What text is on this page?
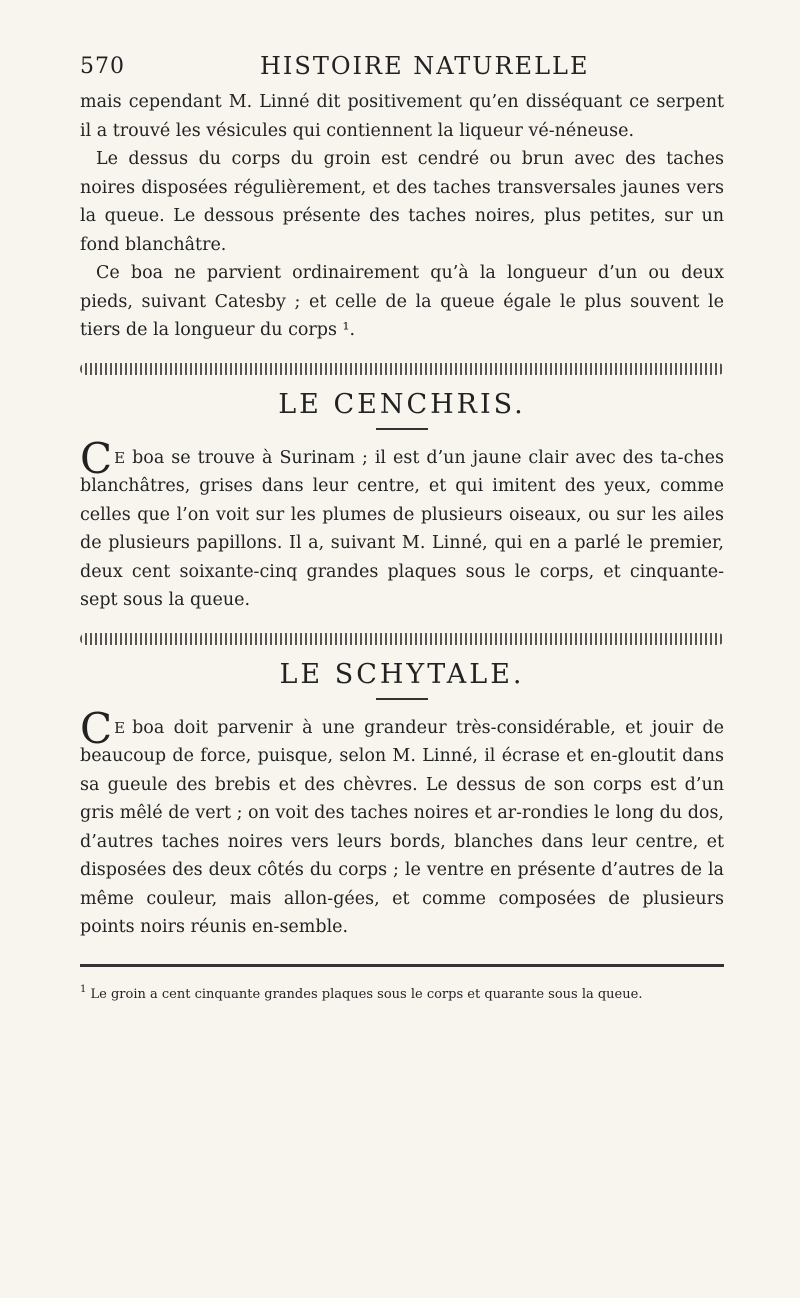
570	HISTOIRE NATURELLE

mais cependant M. Linné dit positivement qu’en disséquant ce serpent il a trouvé les vésicules qui contiennent la liqueur vé-néneuse.

Le dessus du corps du groin est cendré ou brun avec des taches noires disposées régulièrement, et des taches transversales jaunes vers la queue. Le dessous présente des taches noires, plus petites, sur un fond blanchâtre.

Ce boa ne parvient ordinairement qu’à la longueur d’un ou deux pieds, suivant Catesby ; et celle de la queue égale le plus souvent le tiers de la longueur du corps ¹.

LE CENCHRIS.

C E boa se trouve à Surinam ; il est d’un jaune clair avec des ta-ches blanchâtres, grises dans leur centre, et qui imitent des yeux, comme celles que l’on voit sur les plumes de plusieurs oiseaux, ou sur les ailes de plusieurs papillons. Il a, suivant M. Linné, qui en a parlé le premier, deux cent soixante-cinq grandes plaques sous le corps, et cinquante-sept sous la queue.

LE SCHYTALE.

C E boa doit parvenir à une grandeur très-considérable, et jouir de beaucoup de force, puisque, selon M. Linné, il écrase et en-gloutit dans sa gueule des brebis et des chèvres. Le dessus de son corps est d’un gris mêlé de vert ; on voit des taches noires et ar-rondies le long du dos, d’autres taches noires vers leurs bords, blanches dans leur centre, et disposées des deux côtés du corps ; le ventre en présente d’autres de la même couleur, mais allon-gées, et comme composées de plusieurs points noirs réunis en-semble.

$^1$ Le groin a cent cinquante grandes plaques sous le corps et quarante sous la queue.
